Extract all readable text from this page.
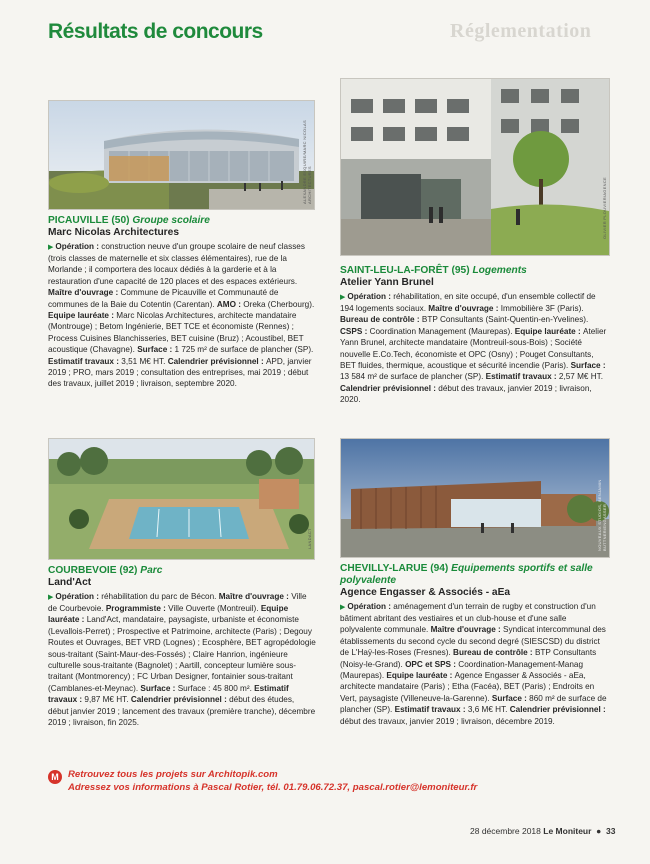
Réglementation
Résultats de concours
ALEXANDRE ESQUIRE/MARC NICOLAS ARCHITECTURES	OLIVIER PLOUVIER/AGENCE
LANDACT	NOUVEAUX STUDIOS, BENJAMIN BUTTNER/ENGASSER
PICAUVILLE (50) Groupe scolaire
Marc Nicolas Architectures

▶ Opération : construction neuve d'un groupe scolaire de neuf classes (trois classes de maternelle et six classes élémentaires), rue de la Morlande ; il comportera des locaux dédiés à la garderie et à la restauration d'une capacité de 120 places et des espaces extérieurs. Maître d'ouvrage : Commune de Picauville et Communauté de communes de la Baie du Cotentin (Carentan). AMO : Oreka (Cherbourg). Equipe lauréate : Marc Nicolas Architectures, architecte mandataire (Montrouge) ; Betom Ingénierie, BET TCE et économiste (Rennes) ; Process Cuisines Blanchisseries, BET cuisine (Bruz) ; Acoustibel, BET acoustique (Chavagne). Surface : 1 725 m² de surface de plancher (SP). Estimatif travaux : 3,51 M€ HT. Calendrier prévisionnel : APD, janvier 2019 ; PRO, mars 2019 ; consultation des entreprises, mai 2019 ; début des travaux, juillet 2019 ; livraison, septembre 2020.

SAINT-LEU-LA-FORÊT (95) Logements
Atelier Yann Brunel

▶ Opération : réhabilitation, en site occupé, d'un ensemble collectif de 194 logements sociaux. Maître d'ouvrage : Immobilière 3F (Paris). Bureau de contrôle : BTP Consultants (Saint-Quentin-en-Yvelines). CSPS : Coordination Management (Maurepas). Equipe lauréate : Atelier Yann Brunel, architecte mandataire (Montreuil-sous-Bois) ; Société nouvelle E.Co.Tech, économiste et OPC (Osny) ; Pouget Consultants, BET fluides, thermique, acoustique et sécurité incendie (Paris). Surface : 13 584 m² de surface de plancher (SP). Estimatif travaux : 2,57 M€ HT. Calendrier prévisionnel : début des travaux, janvier 2019 ; livraison, 2020.

COURBEVOIE (92) Parc
Land'Act

▶ Opération : réhabilitation du parc de Bécon. Maître d'ouvrage : Ville de Courbevoie. Programmiste : Ville Ouverte (Montreuil). Equipe lauréate : Land'Act, mandataire, paysagiste, urbaniste et économiste (Levallois-Perret) ; Prospective et Patrimoine, architecte (Paris) ; Degouy Routes et Ouvrages, BET VRD (Lognes) ; Ecosphère, BET agropédologie sous-traitant (Saint-Maur-des-Fossés) ; Claire Hanrion, ingénieure culturelle sous-traitante (Bagnolet) ; Aartill, concepteur lumière sous-traitant (Montmorency) ; FC Urban Designer, fontainier sous-traitant (Camblanes-et-Meynac). Surface : Surface : 45 800 m². Estimatif travaux : 9,87 M€ HT. Calendrier prévisionnel : début des études, début janvier 2019 ; lancement des travaux (première tranche), décembre 2019 ; livraison, fin 2025.

CHEVILLY-LARUE (94) Equipements sportifs et salle polyvalente
Agence Engasser & Associés - aEa

▶ Opération : aménagement d'un terrain de rugby et construction d'un bâtiment abritant des vestiaires et un club-house et d'une salle polyvalente communale. Maître d'ouvrage : Syndicat intercommunal des établissements du second cycle du second degré (SIESCSD) du district de L'Haÿ-les-Roses (Fresnes). Bureau de contrôle : BTP Consultants (Noisy-le-Grand). OPC et SPS : Coordination-Management-Manag (Maurepas). Equipe lauréate : Agence Engasser & Associés - aEa, architecte mandataire (Paris) ; Etha (Facéa), BET (Paris) ; Endroits en Vert, paysagiste (Villeneuve-la-Garenne). Surface : 860 m² de surface de plancher (SP). Estimatif travaux : 3,6 M€ HT. Calendrier prévisionnel : début des travaux, janvier 2019 ; livraison, décembre 2019.

M Retrouvez tous les projets sur Architopik.com
Adressez vos informations à Pascal Rotier, tél. 01.79.06.72.37, pascal.rotier@lemoniteur.fr
28 décembre 2018 Le Moniteur  ●  33
